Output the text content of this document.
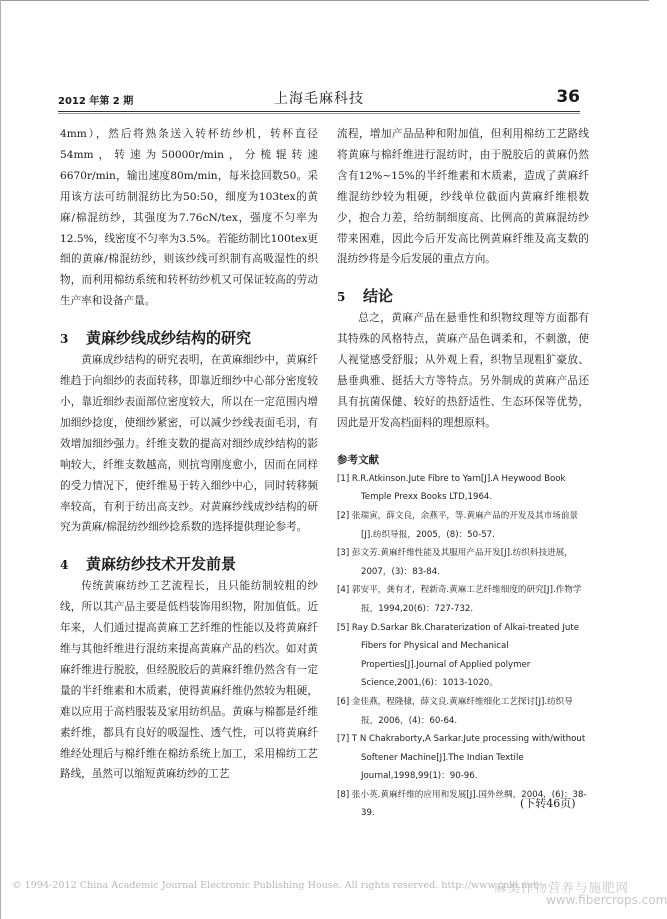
2012 年第 2 期	上海毛麻科技	36

4mm），然后将熟条送入转杯纺纱机，转杯直径54mm，转速为50000r/min，分梳辊转速6670r/min，输出速度80m/min，每米捻回数50。采用该方法可纺制混纺比为50:50，细度为103tex的黄麻/棉混纺纱，其强度为7.76cN/tex，强度不匀率为12.5%，线密度不匀率为3.5%。若能纺制比100tex更细的黄麻/棉混纺纱，则该纱线可织制有高吸湿性的织物，而利用棉纺系统和转杯纺纱机又可保证较高的劳动生产率和设备产量。

3 黄麻纱线成纱结构的研究

黄麻成纱结构的研究表明，在黄麻细纱中，黄麻纤维趋于向细纱的表面转移，即靠近细纱中心部分密度较小，靠近细纱表面部位密度较大，所以在一定范围内增加细纱捻度，使细纱紧密，可以减少纱线表面毛羽，有效增加细纱强力。纤维支数的提高对细纱成纱结构的影响较大，纤维支数越高，则抗弯刚度愈小，因而在同样的受力情况下，使纤维易于转入细纱中心，同时转移频率较高，有利于纺出高支纱。对黄麻纱线成纱结构的研究为黄麻/棉混纺纱细纱捻系数的选择提供理论参考。

4 黄麻纺纱技术开发前景

传统黄麻纺纱工艺流程长，且只能纺制较粗的纱线，所以其产品主要是低档装饰用织物，附加值低。近年来，人们通过提高黄麻工艺纤维的性能以及将黄麻纤维与其他纤维进行混纺来提高黄麻产品的档次。如对黄麻纤维进行脱胶，但经脱胶后的黄麻纤维仍然含有一定量的半纤维素和木质素，使得黄麻纤维仍然较为粗硬，难以应用于高档服装及家用纺织品。黄麻与棉都是纤维素纤维，都具有良好的吸湿性、透气性，可以将黄麻纤维经处理后与棉纤维在棉纺系统上加工，采用棉纺工艺路线，虽然可以缩短黄麻纺纱的工艺

流程，增加产品品种和附加值，但利用棉纺工艺路线将黄麻与棉纤维进行混纺时，由于脱胶后的黄麻仍然含有12%~15%的半纤维素和木质素，造成了黄麻纤维混纺纱较为粗硬，纱线单位截面内黄麻纤维根数少，抱合力差，给纺制细度高、比例高的黄麻混纺纱带来困难，因此今后开发高比例黄麻纤维及高支数的混纺纱将是今后发展的重点方向。

5 结论

总之，黄麻产品在悬垂性和织物纹理等方面都有其特殊的风格特点，黄麻产品色调柔和，不刺激，使人视觉感受舒服；从外观上看，织物呈现粗犷豪放、悬垂典雅、挺括大方等特点。另外制成的黄麻产品还具有抗菌保健、较好的热舒适性、生态环保等优势，因此是开发高档面料的理想原料。

参考文献

[1] R.R.Atkinson.Jute Fibre to Yarn[J].A Heywood Book Temple Prexx Books LTD,1964.

[2] 张瑞寅，薛文良，余燕平，等.黄麻产品的开发及其市场前景[J].纺织导报，2005，(8)：50-57.

[3] 彭文芳.黄麻纤维性能及其服用产品开发[J].纺织科技进展，2007，(3)：83-84.

[4] 郭安平，龚有才，程新奇.黄麻工艺纤维细度的研究[J].作物学报，1994,20(6)：727-732.

[5] Ray D.Sarkar Bk.Charaterization of Alkai-treated Jute Fibers for Physical and Mechanical Properties[J].Journal of Applied polymer Science,2001,(6)：1013-1020。

[6] 金佳燕，程隆棣，薛文良.黄麻纤维细化工艺探讨[J].纺织导报，2006，(4)：60-64.

[7] T N Chakraborty,A Sarkar.Jute processing with/without Softener Machine[J].The Indian Textile Journal,1998,99(1)：90-96.

[8] 张小英.黄麻纤维的应用和发展[J].国外丝绸，2004，(6)：38-39.

(下转46页)
© 1994-2012 China Academic Journal Electronic Publishing House. All rights reserved. http://www.cnki.net
麻类作物营养与施肥网
www.fibercrops.com
